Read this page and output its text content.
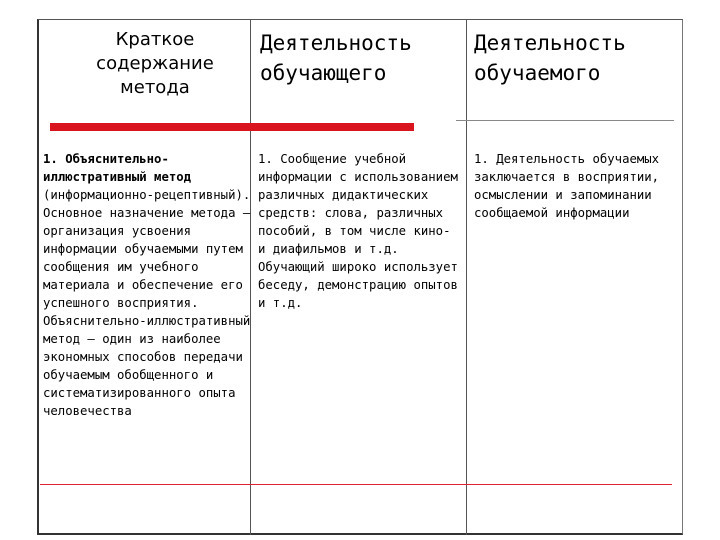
Краткое содержание метода
Деятельность обучающего
Деятельность обучаемого
1. Объяснительно-иллюстративный метод (информационно-рецептивный). Основное назначение метода — организация усвоения информации обучаемыми путем сообщения им учебного материала и обеспечение его успешного восприятия. Объяснительно-иллюстративный метод — один из наиболее экономных способов передачи обучаемым обобщенного и систематизированного опыта человечества
1. Сообщение учебной информации с использованием различных дидактических средств: слова, различных пособий, в том числе кино- и диафильмов и т.д. Обучающий широко использует беседу, демонстрацию опытов и т.д.
1. Деятельность обучаемых заключается в восприятии, осмыслении и запоминании сообщаемой информации
